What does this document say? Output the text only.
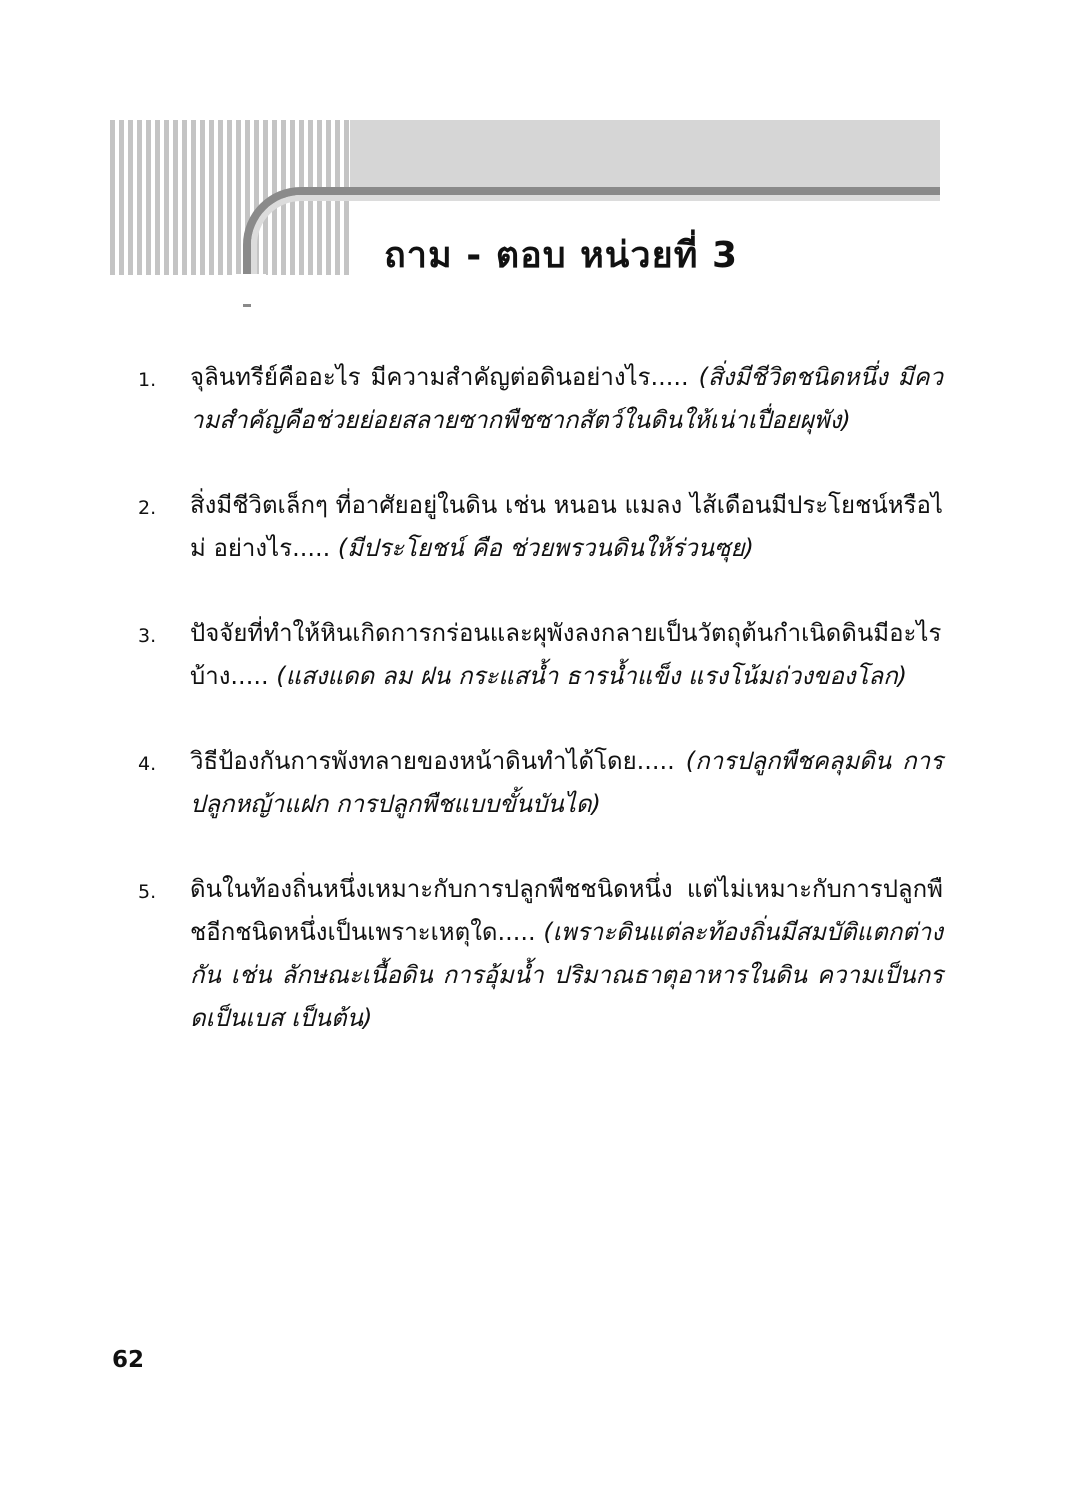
ถาม - ตอบ หน่วยที่ 3
1.	จุลินทรีย์คืออะไร มีความสำคัญต่อดินอย่างไร..... (สิ่งมีชีวิตชนิดหนึ่ง มีความสำคัญคือช่วยย่อยสลายซากพืชซากสัตว์ในดินให้เน่าเปื่อยผุพัง)
2.	สิ่งมีชีวิตเล็กๆ ที่อาศัยอยู่ในดิน เช่น หนอน แมลง ไส้เดือนมีประโยชน์หรือไม่ อย่างไร..... (มีประโยชน์ คือ ช่วยพรวนดินให้ร่วนซุย)
3.	ปัจจัยที่ทำให้หินเกิดการกร่อนและผุพังลงกลายเป็นวัตถุต้นกำเนิดดินมีอะไรบ้าง..... (แสงแดด ลม ฝน กระแสน้ำ ธารน้ำแข็ง แรงโน้มถ่วงของโลก)
4.	วิธีป้องกันการพังทลายของหน้าดินทำได้โดย..... (การปลูกพืชคลุมดิน การปลูกหญ้าแฝก การปลูกพืชแบบขั้นบันได)
5.	ดินในท้องถิ่นหนึ่งเหมาะกับการปลูกพืชชนิดหนึ่ง แต่ไม่เหมาะกับการปลูกพืชอีกชนิดหนึ่งเป็นเพราะเหตุใด..... (เพราะดินแต่ละท้องถิ่นมีสมบัติแตกต่างกัน เช่น ลักษณะเนื้อดิน การอุ้มน้ำ ปริมาณธาตุอาหารในดิน ความเป็นกรดเป็นเบส เป็นต้น)
62
